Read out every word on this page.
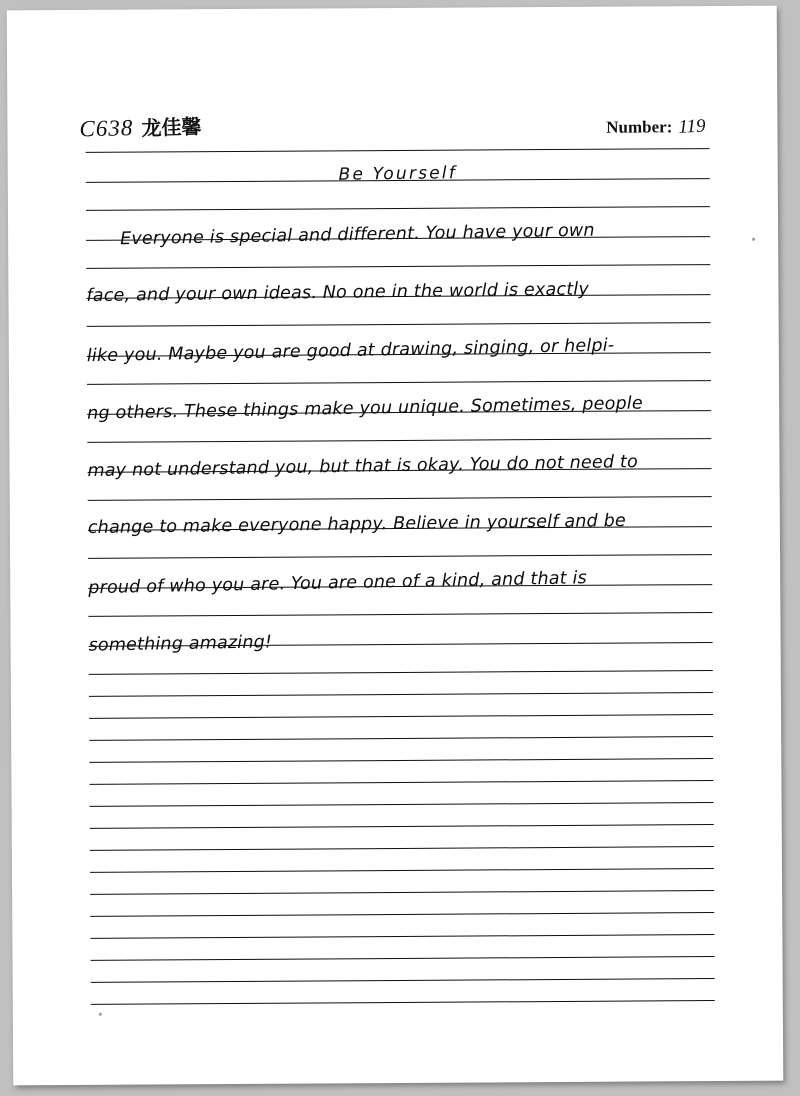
C638 龙佳馨	Number: 119
Be Yourself
Everyone is special and different. You have your own
face, and your own ideas. No one in the world is exactly
like you. Maybe you are good at drawing, singing, or helpi-
ng others. These things make you unique. Sometimes, people
may not understand you, but that is okay. You do not need to
change to make everyone happy. Believe in yourself and be
proud of who you are. You are one of a kind, and that is
something amazing!
